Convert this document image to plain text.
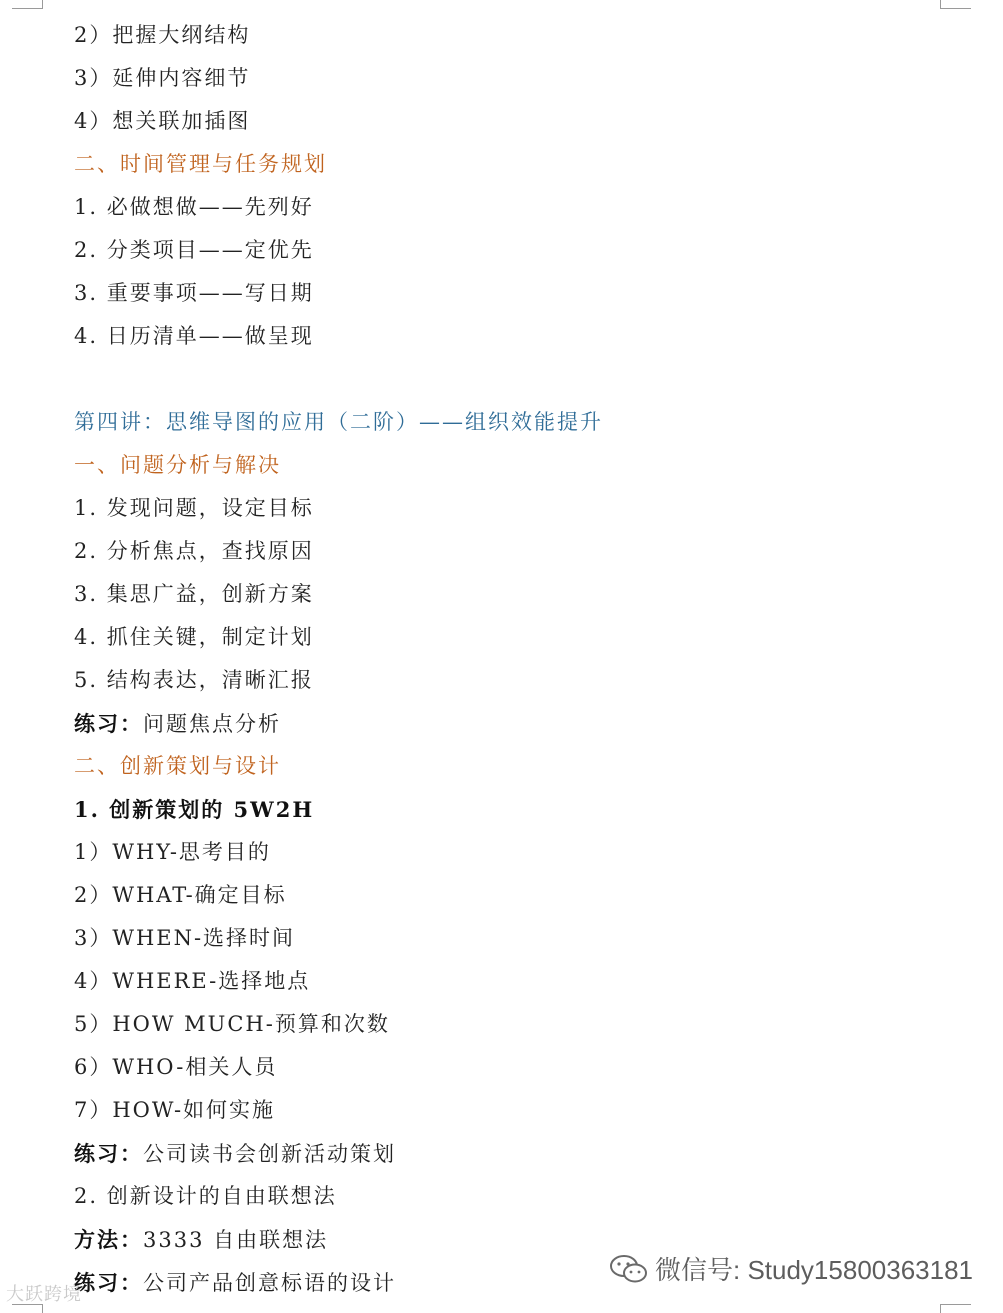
2）把握大纲结构
3）延伸内容细节
4）想关联加插图
二、时间管理与任务规划
1. 必做想做——先列好
2. 分类项目——定优先
3. 重要事项——写日期
4. 日历清单——做呈现
第四讲：思维导图的应用（二阶）——组织效能提升
一、问题分析与解决
1. 发现问题，设定目标
2. 分析焦点，查找原因
3. 集思广益，创新方案
4. 抓住关键，制定计划
5. 结构表达，清晰汇报
练习：问题焦点分析
二、创新策划与设计
1. 创新策划的 5W2H
1）WHY-思考目的
2）WHAT-确定目标
3）WHEN-选择时间
4）WHERE-选择地点
5）HOW MUCH-预算和次数
6）WHO-相关人员
7）HOW-如何实施
练习：公司读书会创新活动策划
2. 创新设计的自由联想法
方法：3333 自由联想法
练习：公司产品创意标语的设计
大跃跨境
微信号: Study15800363181
